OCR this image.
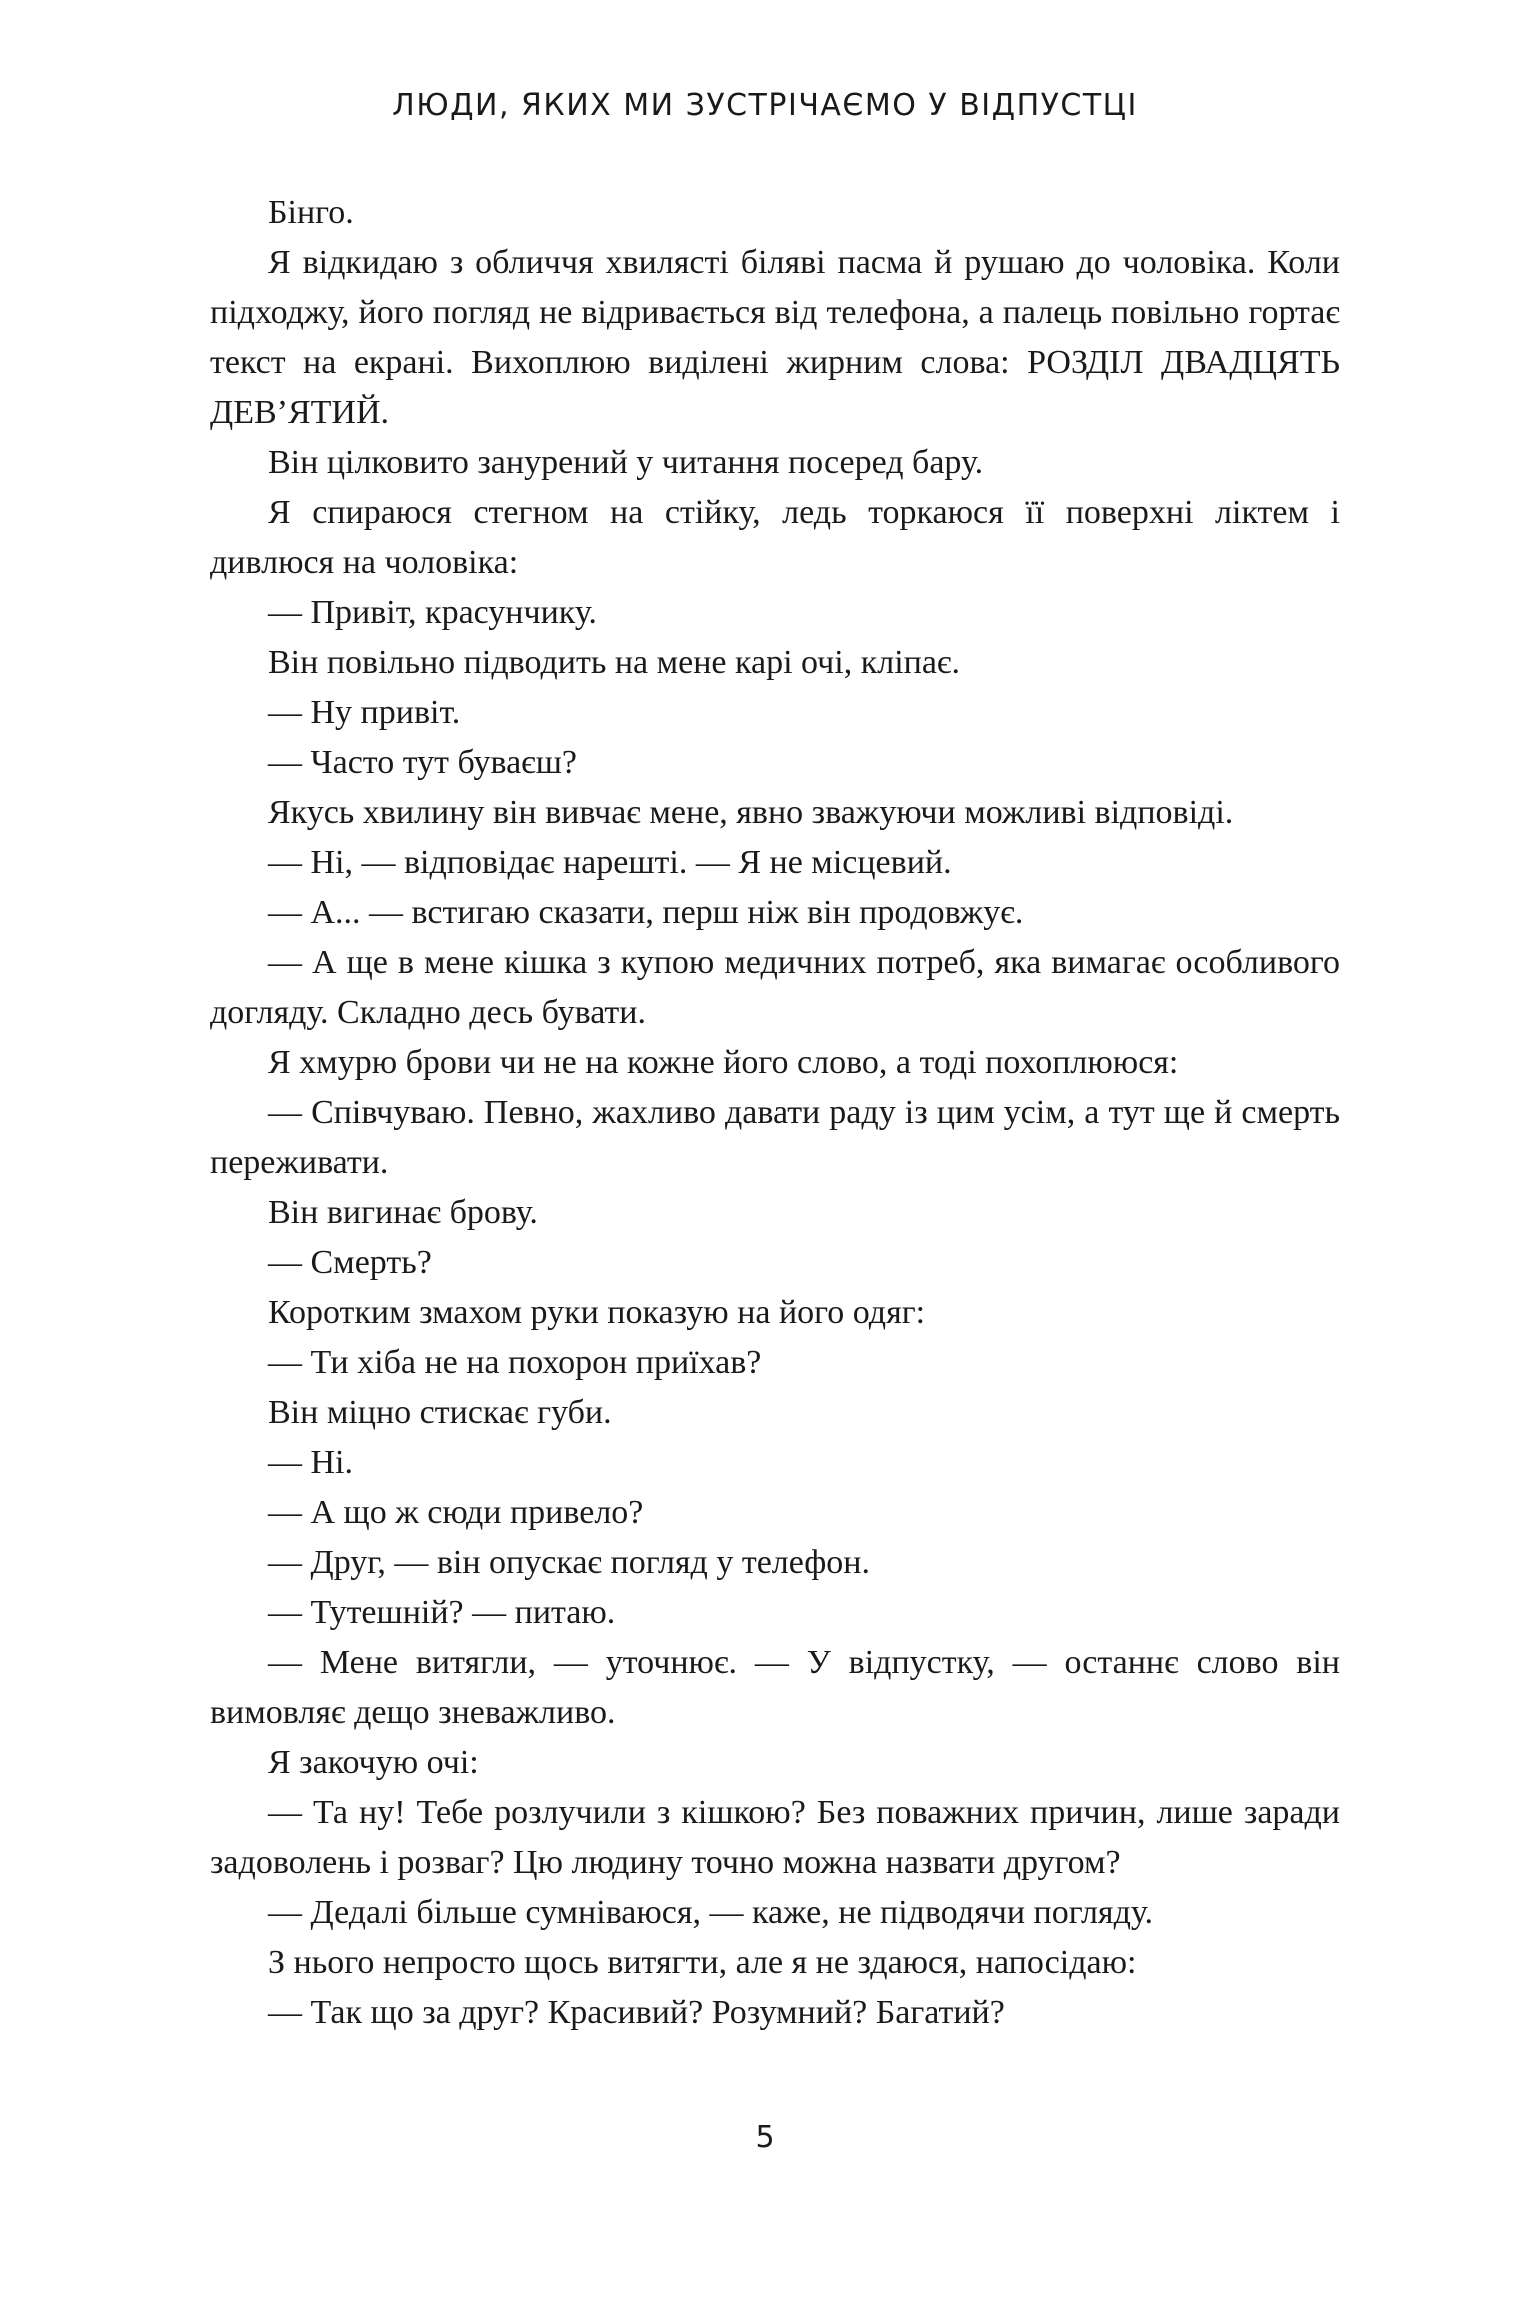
ЛЮДИ, ЯКИХ МИ ЗУСТРІЧАЄМО У ВІДПУСТЦІ

Бінго.

Я відкидаю з обличчя хвилясті біляві пасма й рушаю до чоловіка. Коли підходжу, його погляд не відривається від телефона, а палець повільно гортає текст на екрані. Вихоплюю виділені жирним слова: РОЗДІЛ ДВАДЦЯТЬ ДЕВ’ЯТИЙ.

Він цілковито занурений у читання посеред бару.

Я спираюся стегном на стійку, ледь торкаюся її поверхні ліктем і дивлюся на чоловіка:

— Привіт, красунчику.

Він повільно підводить на мене карі очі, кліпає.

— Ну привіт.

— Часто тут буваєш?

Якусь хвилину він вивчає мене, явно зважуючи можливі відповіді.

— Ні, — відповідає нарешті. — Я не місцевий.

— А... — встигаю сказати, перш ніж він продовжує.

— А ще в мене кішка з купою медичних потреб, яка вимагає особливого догляду. Складно десь бувати.

Я хмурю брови чи не на кожне його слово, а тоді похоплююся:

— Співчуваю. Певно, жахливо давати раду із цим усім, а тут ще й смерть переживати.

Він вигинає брову.

— Смерть?

Коротким змахом руки показую на його одяг:

— Ти хіба не на похорон приїхав?

Він міцно стискає губи.

— Ні.

— А що ж сюди привело?

— Друг, — він опускає погляд у телефон.

— Тутешній? — питаю.

— Мене витягли, — уточнює. — У відпустку, — останнє слово він вимовляє дещо зневажливо.

Я закочую очі:

— Та ну! Тебе розлучили з кішкою? Без поважних причин, лише заради задоволень і розваг? Цю людину точно можна назвати другом?

— Дедалі більше сумніваюся, — каже, не підводячи погляду.

З нього непросто щось витягти, але я не здаюся, напосідаю:

— Так що за друг? Красивий? Розумний? Багатий?

5
